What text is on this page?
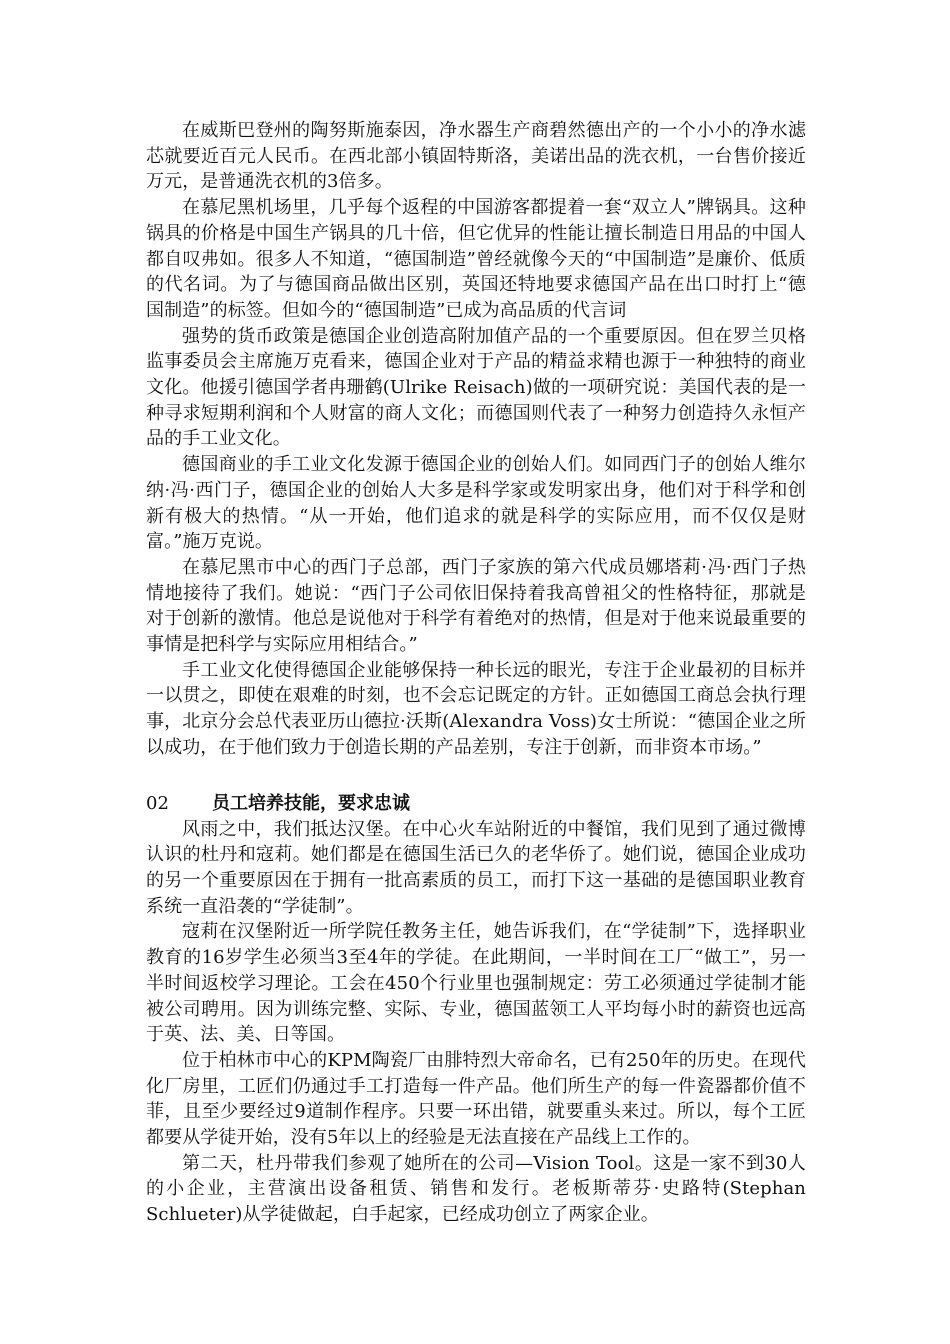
在威斯巴登州的陶努斯施泰因，净水器生产商碧然德出产的一个小小的净水滤芯就要近百元人民币。在西北部小镇固特斯洛，美诺出品的洗衣机，一台售价接近万元，是普通洗衣机的3倍多。

在慕尼黑机场里，几乎每个返程的中国游客都提着一套“双立人”牌锅具。这种锅具的价格是中国生产锅具的几十倍，但它优异的性能让擅长制造日用品的中国人都自叹弗如。很多人不知道，“德国制造”曾经就像今天的“中国制造”是廉价、低质的代名词。为了与德国商品做出区别，英国还特地要求德国产品在出口时打上“德国制造”的标签。但如今的“德国制造”已成为高品质的代言词

强势的货币政策是德国企业创造高附加值产品的一个重要原因。但在罗兰贝格监事委员会主席施万克看来，德国企业对于产品的精益求精也源于一种独特的商业文化。他援引德国学者冉珊鹤(Ulrike Reisach)做的一项研究说：美国代表的是一种寻求短期利润和个人财富的商人文化；而德国则代表了一种努力创造持久永恒产品的手工业文化。

德国商业的手工业文化发源于德国企业的创始人们。如同西门子的创始人维尔纳·冯·西门子，德国企业的创始人大多是科学家或发明家出身，他们对于科学和创新有极大的热情。“从一开始，他们追求的就是科学的实际应用，而不仅仅是财富。”施万克说。

在慕尼黑市中心的西门子总部，西门子家族的第六代成员娜塔莉·冯·西门子热情地接待了我们。她说：“西门子公司依旧保持着我高曾祖父的性格特征，那就是对于创新的激情。他总是说他对于科学有着绝对的热情，但是对于他来说最重要的事情是把科学与实际应用相结合。”

手工业文化使得德国企业能够保持一种长远的眼光，专注于企业最初的目标并一以贯之，即使在艰难的时刻，也不会忘记既定的方针。正如德国工商总会执行理事，北京分会总代表亚历山德拉·沃斯(Alexandra Voss)女士所说：“德国企业之所以成功，在于他们致力于创造长期的产品差别，专注于创新，而非资本市场。”

02	员工培养技能，要求忠诚

风雨之中，我们抵达汉堡。在中心火车站附近的中餐馆，我们见到了通过微博认识的杜丹和寇莉。她们都是在德国生活已久的老华侨了。她们说，德国企业成功的另一个重要原因在于拥有一批高素质的员工，而打下这一基础的是德国职业教育系统一直沿袭的“学徒制”。

寇莉在汉堡附近一所学院任教务主任，她告诉我们，在“学徒制”下，选择职业教育的16岁学生必须当3至4年的学徒。在此期间，一半时间在工厂“做工”，另一半时间返校学习理论。工会在450个行业里也强制规定：劳工必须通过学徒制才能被公司聘用。因为训练完整、实际、专业，德国蓝领工人平均每小时的薪资也远高于英、法、美、日等国。

位于柏林市中心的KPM陶瓷厂由腓特烈大帝命名，已有250年的历史。在现代化厂房里，工匠们仍通过手工打造每一件产品。他们所生产的每一件瓷器都价值不菲，且至少要经过9道制作程序。只要一环出错，就要重头来过。所以，每个工匠都要从学徒开始，没有5年以上的经验是无法直接在产品线上工作的。

第二天，杜丹带我们参观了她所在的公司—Vision Tool。这是一家不到30人的小企业，主营演出设备租赁、销售和发行。老板斯蒂芬·史路特(Stephan Schlueter)从学徒做起，白手起家，已经成功创立了两家企业。
